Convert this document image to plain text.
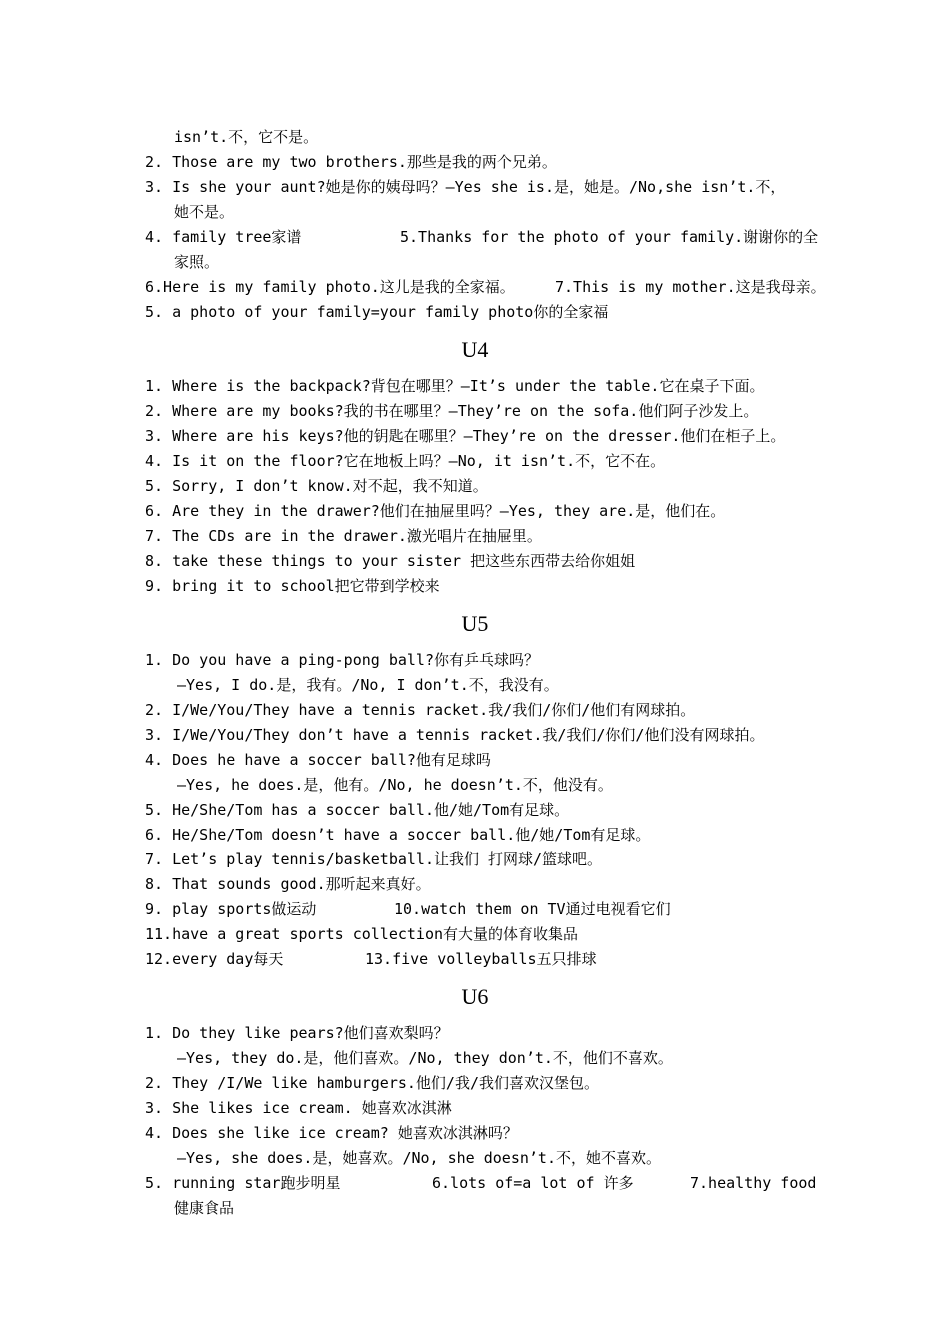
isn’t.不，它不是。
2. Those are my two brothers.那些是我的两个兄弟。
3. Is she your aunt?她是你的姨母吗？—Yes she is.是，她是。/No,she isn’t.不，
她不是。
4. family tree家谱	5.Thanks for the photo of your family.谢谢你的全
家照。
6.Here is my family photo.这儿是我的全家福。	7.This is my mother.这是我母亲。
5. a photo of your family=your family photo你的全家福
U4
1. Where is the backpack?背包在哪里？—It’s under the table.它在桌子下面。
2. Where are my books?我的书在哪里？—They’re on the sofa.他们阿子沙发上。
3. Where are his keys?他的钥匙在哪里？—They’re on the dresser.他们在柜子上。
4. Is it on the floor?它在地板上吗？—No, it isn’t.不，它不在。
5. Sorry, I don’t know.对不起，我不知道。
6. Are they in the drawer?他们在抽屉里吗？—Yes, they are.是，他们在。
7. The CDs are in the drawer.激光唱片在抽屉里。
8. take these things to your sister 把这些东西带去给你姐姐
9. bring it to school把它带到学校来
U5
1. Do you have a ping-pong ball?你有乒乓球吗？
—Yes, I do.是，我有。/No, I don’t.不，我没有。
2. I/We/You/They have a tennis racket.我/我们/你们/他们有网球拍。
3. I/We/You/They don’t have a tennis racket.我/我们/你们/他们没有网球拍。
4. Does he have a soccer ball?他有足球吗
—Yes, he does.是，他有。/No, he doesn’t.不，他没有。
5. He/She/Tom has a soccer ball.他/她/Tom有足球。
6. He/She/Tom doesn’t have a soccer ball.他/她/Tom有足球。
7. Let’s play tennis/basketball.让我们 打网球/篮球吧。
8. That sounds good.那听起来真好。
9. play sports做运动	10.watch them on TV通过电视看它们
11.have a great sports collection有大量的体育收集品
12.every day每天	13.five volleyballs五只排球
U6
1. Do they like pears?他们喜欢梨吗？
—Yes, they do.是，他们喜欢。/No, they don’t.不，他们不喜欢。
2. They /I/We like hamburgers.他们/我/我们喜欢汉堡包。
3. She likes ice cream. 她喜欢冰淇淋
4. Does she like ice cream? 她喜欢冰淇淋吗？
—Yes, she does.是，她喜欢。/No, she doesn’t.不，她不喜欢。
5. running star跑步明星	6.lots of=a lot of 许多	7.healthy food
健康食品
